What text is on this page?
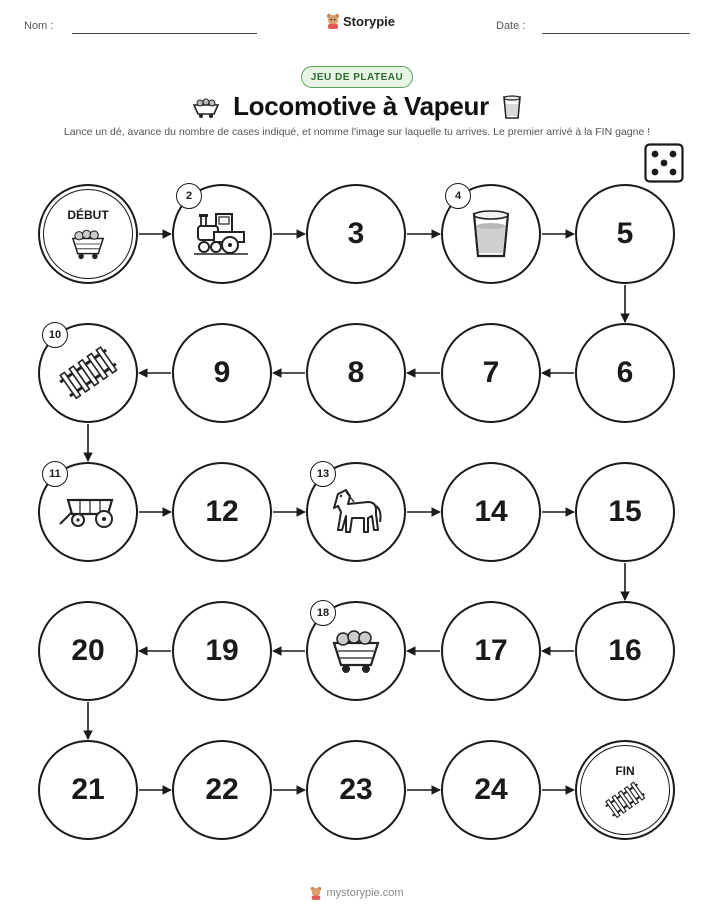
Nom :	Storypie	Date :
JEU DE PLATEAU
Locomotive à Vapeur
Lance un dé, avance du nombre de cases indiqué, et nomme l'image sur laquelle tu arrives. Le premier arrivé à la FIN gagne !
DÉBUT
2
3
4
5
6
7
8
9
10
11
12
13
14	15
16
17
18
19
20
21	22	23	24
FIN
mystorypie.com
